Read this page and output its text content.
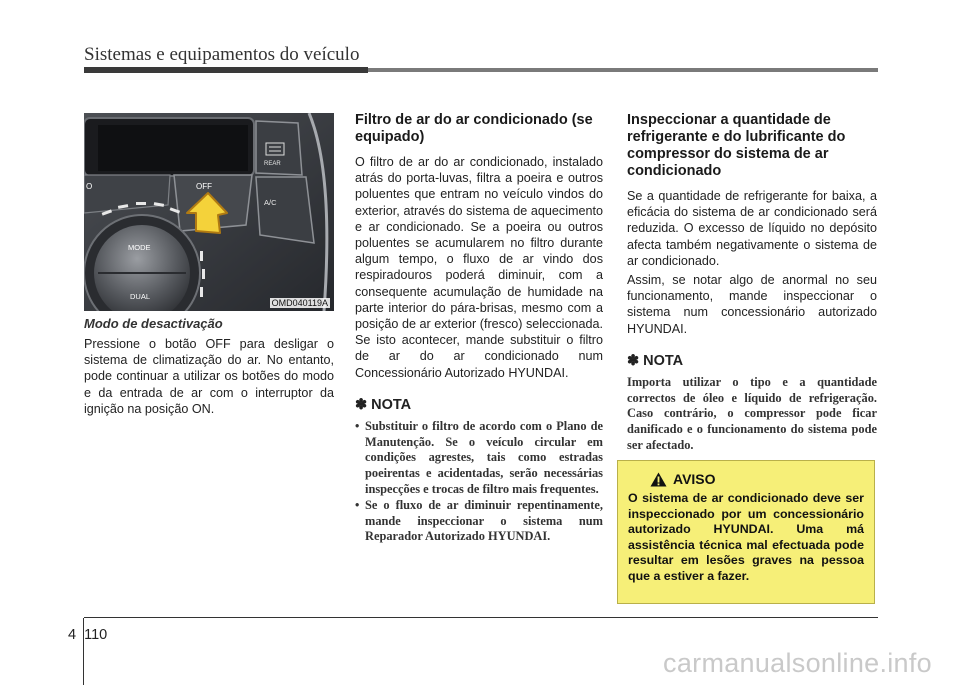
Sistemas e equipamentos do veículo
REAR
OFF
O
A/C
MODE
DUAL
OMD040119A

Modo de desactivação

Pressione o botão OFF para desligar o sistema de climatização do ar. No entanto, pode continuar a utilizar os botões do modo e da entrada de ar com o interruptor da ignição na posição ON.

Filtro de ar do ar condicionado (se equipado)

O filtro de ar do ar condicionado, instalado atrás do porta-luvas, filtra a poeira e outros poluentes que entram no veículo vindos do exterior, através do sistema de aquecimento e ar condicionado. Se a poeira ou outros poluentes se acumularem no filtro durante algum tempo, o fluxo de ar vindo dos respiradouros poderá diminuir, com a consequente acumulação de humidade na parte interior do pára-brisas, mesmo com a posição de ar exterior (fresco) seleccionada. Se isto acontecer, mande substituir o filtro de ar do ar condicionado num Concessionário Autorizado HYUNDAI.

✽ NOTA
• Substituir o filtro de acordo com o Plano de Manutenção. Se o veículo circular em condições agrestes, tais como estradas poeirentas e acidentadas, serão necessárias inspecções e trocas de filtro mais frequentes.
• Se o fluxo de ar diminuir repentinamente, mande inspeccionar o sistema num Reparador Autorizado HYUNDAI.
Inspeccionar a quantidade de refrigerante e do lubrificante do compressor do sistema de ar condicionado

Se a quantidade de refrigerante for baixa, a eficácia do sistema de ar condicionado será reduzida. O excesso de líquido no depósito afecta também negativamente o sistema de ar condicionado.

Assim, se notar algo de anormal no seu funcionamento, mande inspeccionar o sistema num concessionário autorizado HYUNDAI.

✽ NOTA

Importa utilizar o tipo e a quantidade correctos de óleo e líquido de refrigeração. Caso contrário, o compressor pode ficar danificado e o funcionamento do sistema pode ser afectado.

AVISO

O sistema de ar condicionado deve ser inspeccionado por um concessionário autorizado HYUNDAI. Uma má assistência técnica mal efectuada pode resultar em lesões graves na pessoa que a estiver a fazer.

4 110
carmanualsonline.info
